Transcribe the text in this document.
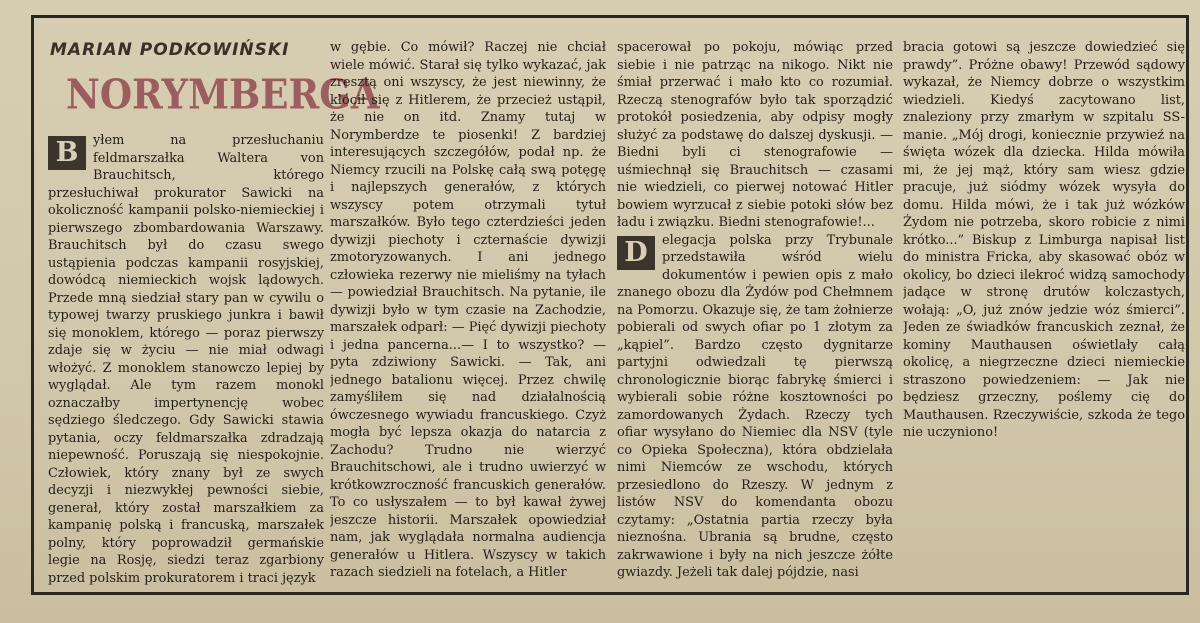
MARIAN PODKOWIŃSKI

NORYMBERGA

B	yłem na przesłuchaniu feldmarszałka Waltera von Brauchitsch, którego przesłuchiwał prokurator Sawicki na okoliczność kampanii polsko-niemieckiej i pierwszego zbombardowania Warszawy. Brauchitsch był do czasu swego ustąpienia podczas kampanii rosyjskiej, dowódcą niemieckich wojsk lądowych. Przede mną siedział stary pan w cywilu o typowej twarzy pruskiego junkra i bawił się monoklem, którego — poraz pierwszy zdaje się w życiu — nie miał odwagi włożyć. Z monoklem stanowczo lepiej by wyglądał. Ale tym razem monokl oznaczałby impertynencję wobec sędziego śledczego. Gdy Sawicki stawia pytania, oczy feldmarszałka zdradzają niepewność. Poruszają się niespokojnie. Człowiek, który znany był ze swych decyzji i niezwykłej pewności siebie, generał, który został marszałkiem za kampanię polską i francuską, marszałek polny, który poprowadził germańskie legie na Rosję, siedzi teraz zgarbiony przed polskim prokuratorem i traci język

w gębie. Co mówił? Raczej nie chciał wiele mówić. Starał się tylko wykazać, jak zresztą oni wszyscy, że jest niewinny, że kłócił się z Hitlerem, że przecież ustąpił, że nie on itd. Znamy tutaj w Norymberdze te piosenki! Z bardziej interesujących szczegółów, podał np. że Niemcy rzucili na Polskę całą swą potęgę i najlepszych generałów, z których wszyscy potem otrzymali tytuł marszałków. Było tego czterdzieści jeden dywizji piechoty i czternaście dywizji zmotoryzowanych. I ani jednego człowieka rezerwy nie mieliśmy na tyłach — powiedział Brauchitsch. Na pytanie, ile dywizji było w tym czasie na Zachodzie, marszałek odparł: — Pięć dywizji piechoty i jedna pancerna...— I to wszystko? — pyta zdziwiony Sawicki. — Tak, ani jednego batalionu więcej. Przez chwilę zamyśliłem się nad działalnością ówczesnego wywiadu francuskiego. Czyż mogła być lepsza okazja do natarcia z Zachodu? Trudno nie wierzyć Brauchitschowi, ale i trudno uwierzyć w krótkowzroczność francuskich generałów. To co usłyszałem — to był kawał żywej jeszcze historii. Marszałek opowiedział nam, jak wyglądała normalna audiencja generałów u Hitlera. Wszyscy w takich razach siedzieli na fotelach, a Hitler

spacerował po pokoju, mówiąc przed siebie i nie patrząc na nikogo. Nikt nie śmiał przerwać i mało kto co rozumiał. Rzeczą stenografów było tak sporządzić protokół posiedzenia, aby odpisy mogły służyć za podstawę do dalszej dyskusji. — Biedni byli ci stenografowie — uśmiechnął się Brauchitsch — czasami nie wiedzieli, co pierwej notować Hitler bowiem wyrzucał z siebie potoki słów bez ładu i związku. Biedni stenografowie!...

D	elegacja polska przy Trybunale przedstawiła wśród wielu dokumentów i pewien opis z mało znanego obozu dla Żydów pod Chełmnem na Pomorzu. Okazuje się, że tam żołnierze pobierali od swych ofiar po 1 złotym za „kąpiel”. Bardzo często dygnitarze partyjni odwiedzali tę pierwszą chronologicznie biorąc fabrykę śmierci i wybierali sobie różne kosztowności po zamordowanych Żydach. Rzeczy tych ofiar wysyłano do Niemiec dla NSV (tyle co Opieka Społeczna), która obdzielała nimi Niemców ze wschodu, których przesiedlono do Rzeszy. W jednym z listów NSV do komendanta obozu czytamy: „Ostatnia partia rzeczy była nieznośna. Ubrania są brudne, często zakrwawione i były na nich jeszcze żółte gwiazdy. Jeżeli tak dalej pójdzie, nasi

bracia gotowi są jeszcze dowiedzieć się prawdy”. Próżne obawy! Przewód sądowy wykazał, że Niemcy dobrze o wszystkim wiedzieli. Kiedyś zacytowano list, znaleziony przy zmarłym w szpitalu SS-manie. „Mój drogi, koniecznie przywieź na święta wózek dla dziecka. Hilda mówiła mi, że jej mąż, który sam wiesz gdzie pracuje, już siódmy wózek wysyła do domu. Hilda mówi, że i tak już wózków Żydom nie potrzeba, skoro robicie z nimi krótko...” Biskup z Limburga napisał list do ministra Fricka, aby skasować obóz w okolicy, bo dzieci ilekroć widzą samochody jadące w stronę drutów kolczastych, wołają: „O, już znów jedzie wóz śmierci”. Jeden ze świadków francuskich zeznał, że kominy Mauthausen oświetlały całą okolicę, a niegrzeczne dzieci niemieckie straszono powiedzeniem: — Jak nie będziesz grzeczny, poślemy cię do Mauthausen. Rzeczywiście, szkoda że tego nie uczyniono!
